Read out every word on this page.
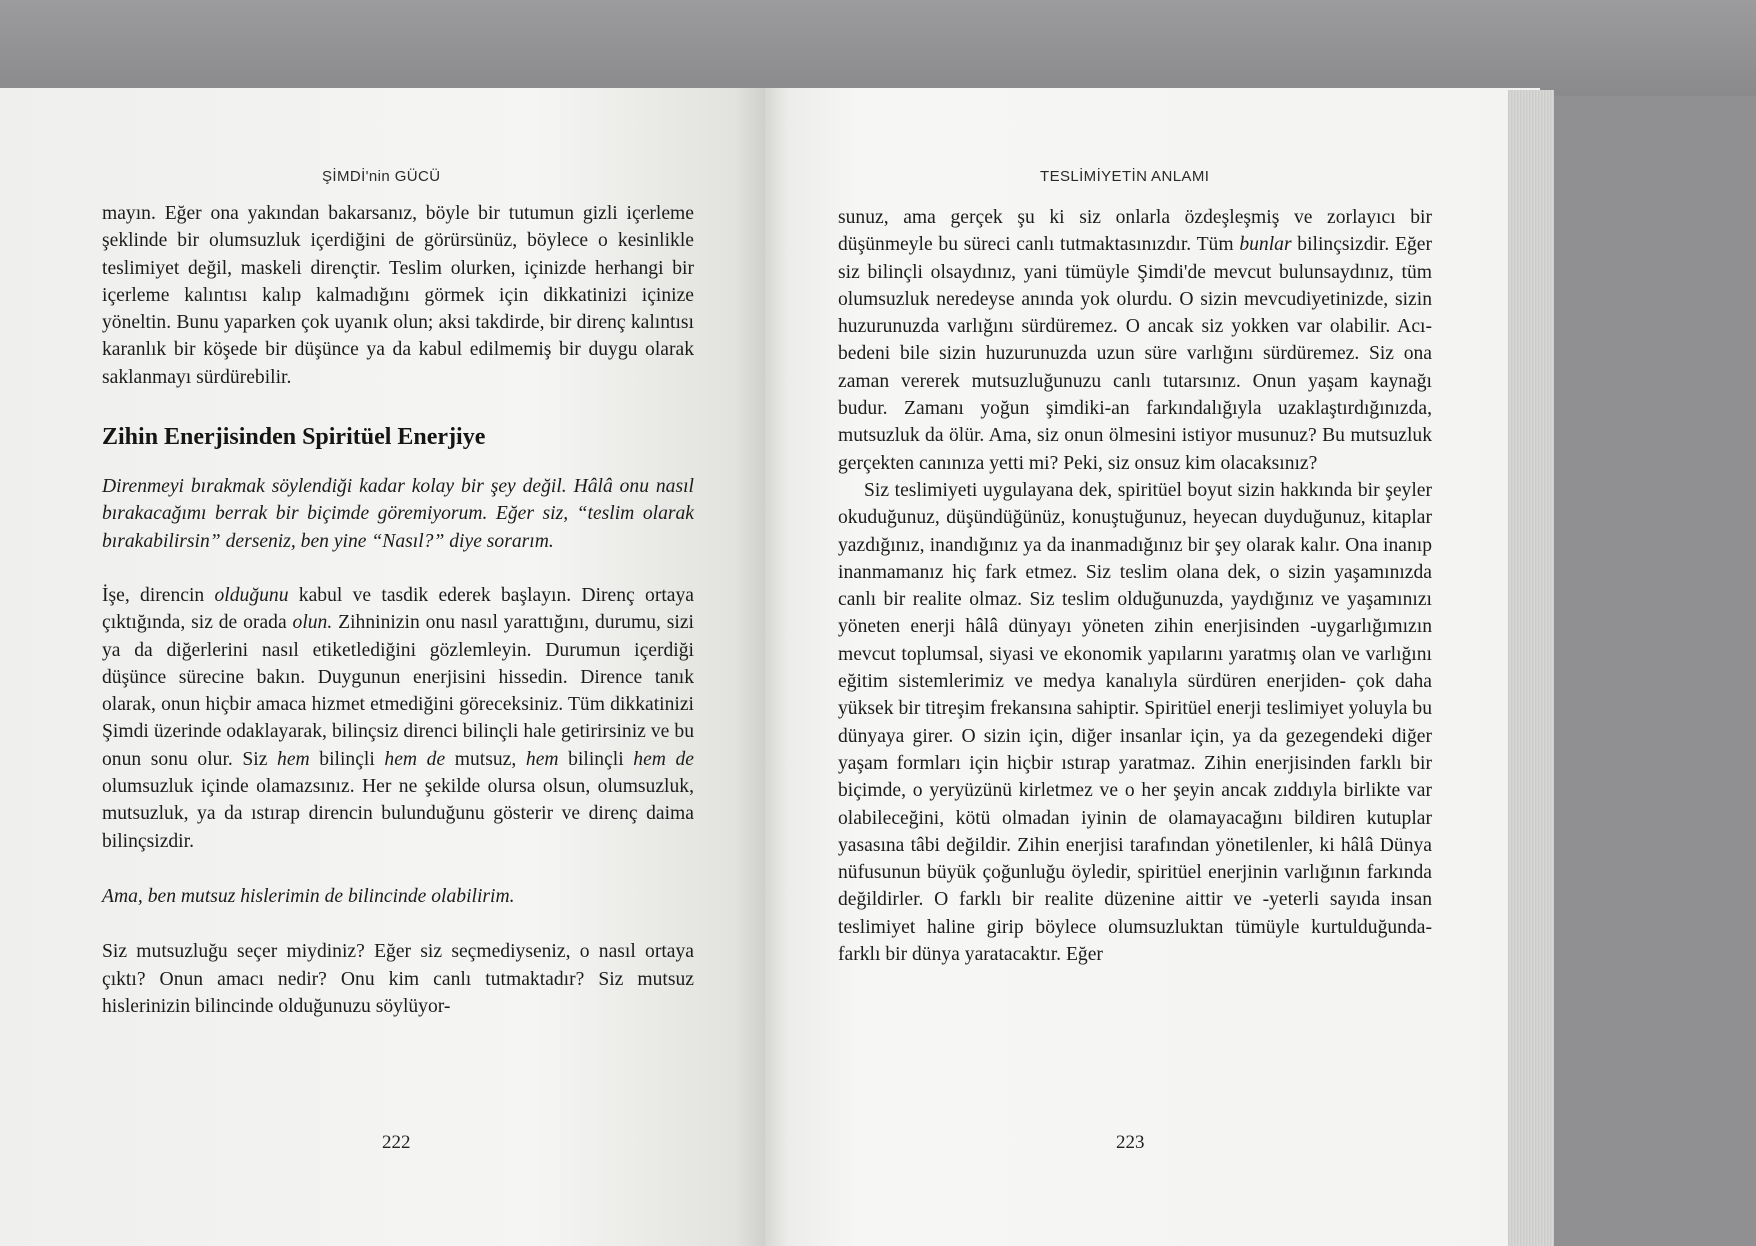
ŞİMDİ'nin GÜCÜ

mayın. Eğer ona yakından bakarsanız, böyle bir tutumun gizli içerleme şeklinde bir olumsuzluk içerdiğini de görürsünüz, böylece o kesinlikle teslimiyet değil, maskeli dirençtir. Teslim olurken, içinizde herhangi bir içerleme kalıntısı kalıp kalmadığını görmek için dikkatinizi içinize yöneltin. Bunu yaparken çok uyanık olun; aksi takdirde, bir direnç kalıntısı karanlık bir köşede bir düşünce ya da kabul edilmemiş bir duygu olarak saklanmayı sürdürebilir.

Zihin Enerjisinden Spiritüel Enerjiye

Direnmeyi bırakmak söylendiği kadar kolay bir şey değil. Hâlâ onu nasıl bırakacağımı berrak bir biçimde göremiyorum. Eğer siz, “teslim olarak bırakabilirsin” derseniz, ben yine “Nasıl?” diye sorarım.

İşe, direncin olduğunu kabul ve tasdik ederek başlayın. Direnç ortaya çıktığında, siz de orada olun. Zihninizin onu nasıl yarattığını, durumu, sizi ya da diğerlerini nasıl etiketlediğini gözlemleyin. Durumun içerdiği düşünce sürecine bakın. Duygunun enerjisini hissedin. Dirence tanık olarak, onun hiçbir amaca hizmet etmediğini göreceksiniz. Tüm dikkatinizi Şimdi üzerinde odaklayarak, bilinçsiz direnci bilinçli hale getirirsiniz ve bu onun sonu olur. Siz hem bilinçli hem de mutsuz, hem bilinçli hem de olumsuzluk içinde olamazsınız. Her ne şekilde olursa olsun, olumsuzluk, mutsuzluk, ya da ıstırap direncin bulunduğunu gösterir ve direnç daima bilinçsizdir.

Ama, ben mutsuz hislerimin de bilincinde olabilirim.

Siz mutsuzluğu seçer miydiniz? Eğer siz seçmediyseniz, o nasıl ortaya çıktı? Onun amacı nedir? Onu kim canlı tutmaktadır? Siz mutsuz hislerinizin bilincinde olduğunuzu söylüyor-

222
TESLİMİYETİN ANLAMI

sunuz, ama gerçek şu ki siz onlarla özdeşleşmiş ve zorlayıcı bir düşünmeyle bu süreci canlı tutmaktasınızdır. Tüm bunlar bilinçsizdir. Eğer siz bilinçli olsaydınız, yani tümüyle Şimdi'de mevcut bulunsaydınız, tüm olumsuzluk neredeyse anında yok olurdu. O sizin mevcudiyetinizde, sizin huzurunuzda varlığını sürdüremez. O ancak siz yokken var olabilir. Acı-bedeni bile sizin huzurunuzda uzun süre varlığını sürdüremez. Siz ona zaman vererek mutsuzluğunuzu canlı tutarsınız. Onun yaşam kaynağı budur. Zamanı yoğun şimdiki-an farkındalığıyla uzaklaştırdığınızda, mutsuzluk da ölür. Ama, siz onun ölmesini istiyor musunuz? Bu mutsuzluk gerçekten canınıza yetti mi? Peki, siz onsuz kim olacaksınız?

Siz teslimiyeti uygulayana dek, spiritüel boyut sizin hakkında bir şeyler okuduğunuz, düşündüğünüz, konuştuğunuz, heyecan duyduğunuz, kitaplar yazdığınız, inandığınız ya da inanmadığınız bir şey olarak kalır. Ona inanıp inanmamanız hiç fark etmez. Siz teslim olana dek, o sizin yaşamınızda canlı bir realite olmaz. Siz teslim olduğunuzda, yaydığınız ve yaşamınızı yöneten enerji hâlâ dünyayı yöneten zihin enerjisinden -uygarlığımızın mevcut toplumsal, siyasi ve ekonomik yapılarını yaratmış olan ve varlığını eğitim sistemlerimiz ve medya kanalıyla sürdüren enerjiden- çok daha yüksek bir titreşim frekansına sahiptir. Spiritüel enerji teslimiyet yoluyla bu dünyaya girer. O sizin için, diğer insanlar için, ya da gezegendeki diğer yaşam formları için hiçbir ıstırap yaratmaz. Zihin enerjisinden farklı bir biçimde, o yeryüzünü kirletmez ve o her şeyin ancak zıddıyla birlikte var olabileceğini, kötü olmadan iyinin de olamayacağını bildiren kutuplar yasasına tâbi değildir. Zihin enerjisi tarafından yönetilenler, ki hâlâ Dünya nüfusunun büyük çoğunluğu öyledir, spiritüel enerjinin varlığının farkında değildirler. O farklı bir realite düzenine aittir ve -yeterli sayıda insan teslimiyet haline girip böylece olumsuzluktan tümüyle kurtulduğunda- farklı bir dünya yaratacaktır. Eğer

223
